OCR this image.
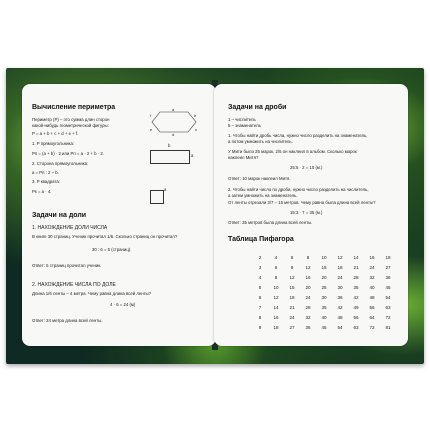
Вычисление периметра
Периметр (P) – это сумма длин сторон
какой-нибудь геометрической фигуры:
P = a + b + c + d + e + f.
1. P прямоугольника:
Pп = (a + b) · 2 или Pп = a · 2 + b · 2.
2. Сторона прямоугольника:
a = Pп : 2 – b.
3. P квадрата:
Pк = a · 4.
a
b
c
d
e
f
b
a
a
Задачи на доли
1. НАХОЖДЕНИЕ ДОЛИ ЧИСЛА
В книге 30 страниц. Ученик прочитал 1/6. Сколько страниц он прочитал?
30 : 6 = 5 (страниц).
Ответ: 5 страниц прочитал ученик.
2. НАХОЖДЕНИЕ ЧИСЛА ПО ДОЛЕ
Длина 1/6 ленты – 4 метра. Чему равна длина всей ленты?
4 · 6 = 24 (м)
Ответ: 24 метра длина всей ленты.
Задачи на дроби
1 – числитель
5 – знаменатель
1. Чтобы найти дробь числа, нужно число разделить на знаменатель,
а потом умножить на числитель.
У Мити было 25 марок. 2/5 он наклеил в альбом. Сколько марок
наклеил Митя?
25:5 · 2 = 10 (м.)
Ответ: 10 марок наклеил Митя.
2. Чтобы найти число по дроби, нужно число разделить на числитель,
а затем умножить на знаменатель.
От ленты отрезали 3/7 – 15 метров. Чему равна была длина всей ленты?
15:3 · 7 = 35 (м.)
Ответ: 35 метров была длина всей ленты.
Таблица Пифагора
2	4	6	8	10	12	14	16	18
3	6	9	12	15	18	21	24	27
4	8	12	16	20	24	28	32	36
5	10	15	20	25	30	35	40	45
6	12	18	24	30	36	42	48	54
7	14	21	28	35	42	49	56	63
8	16	24	32	40	48	56	64	72
9	18	27	36	45	54	63	72	81
